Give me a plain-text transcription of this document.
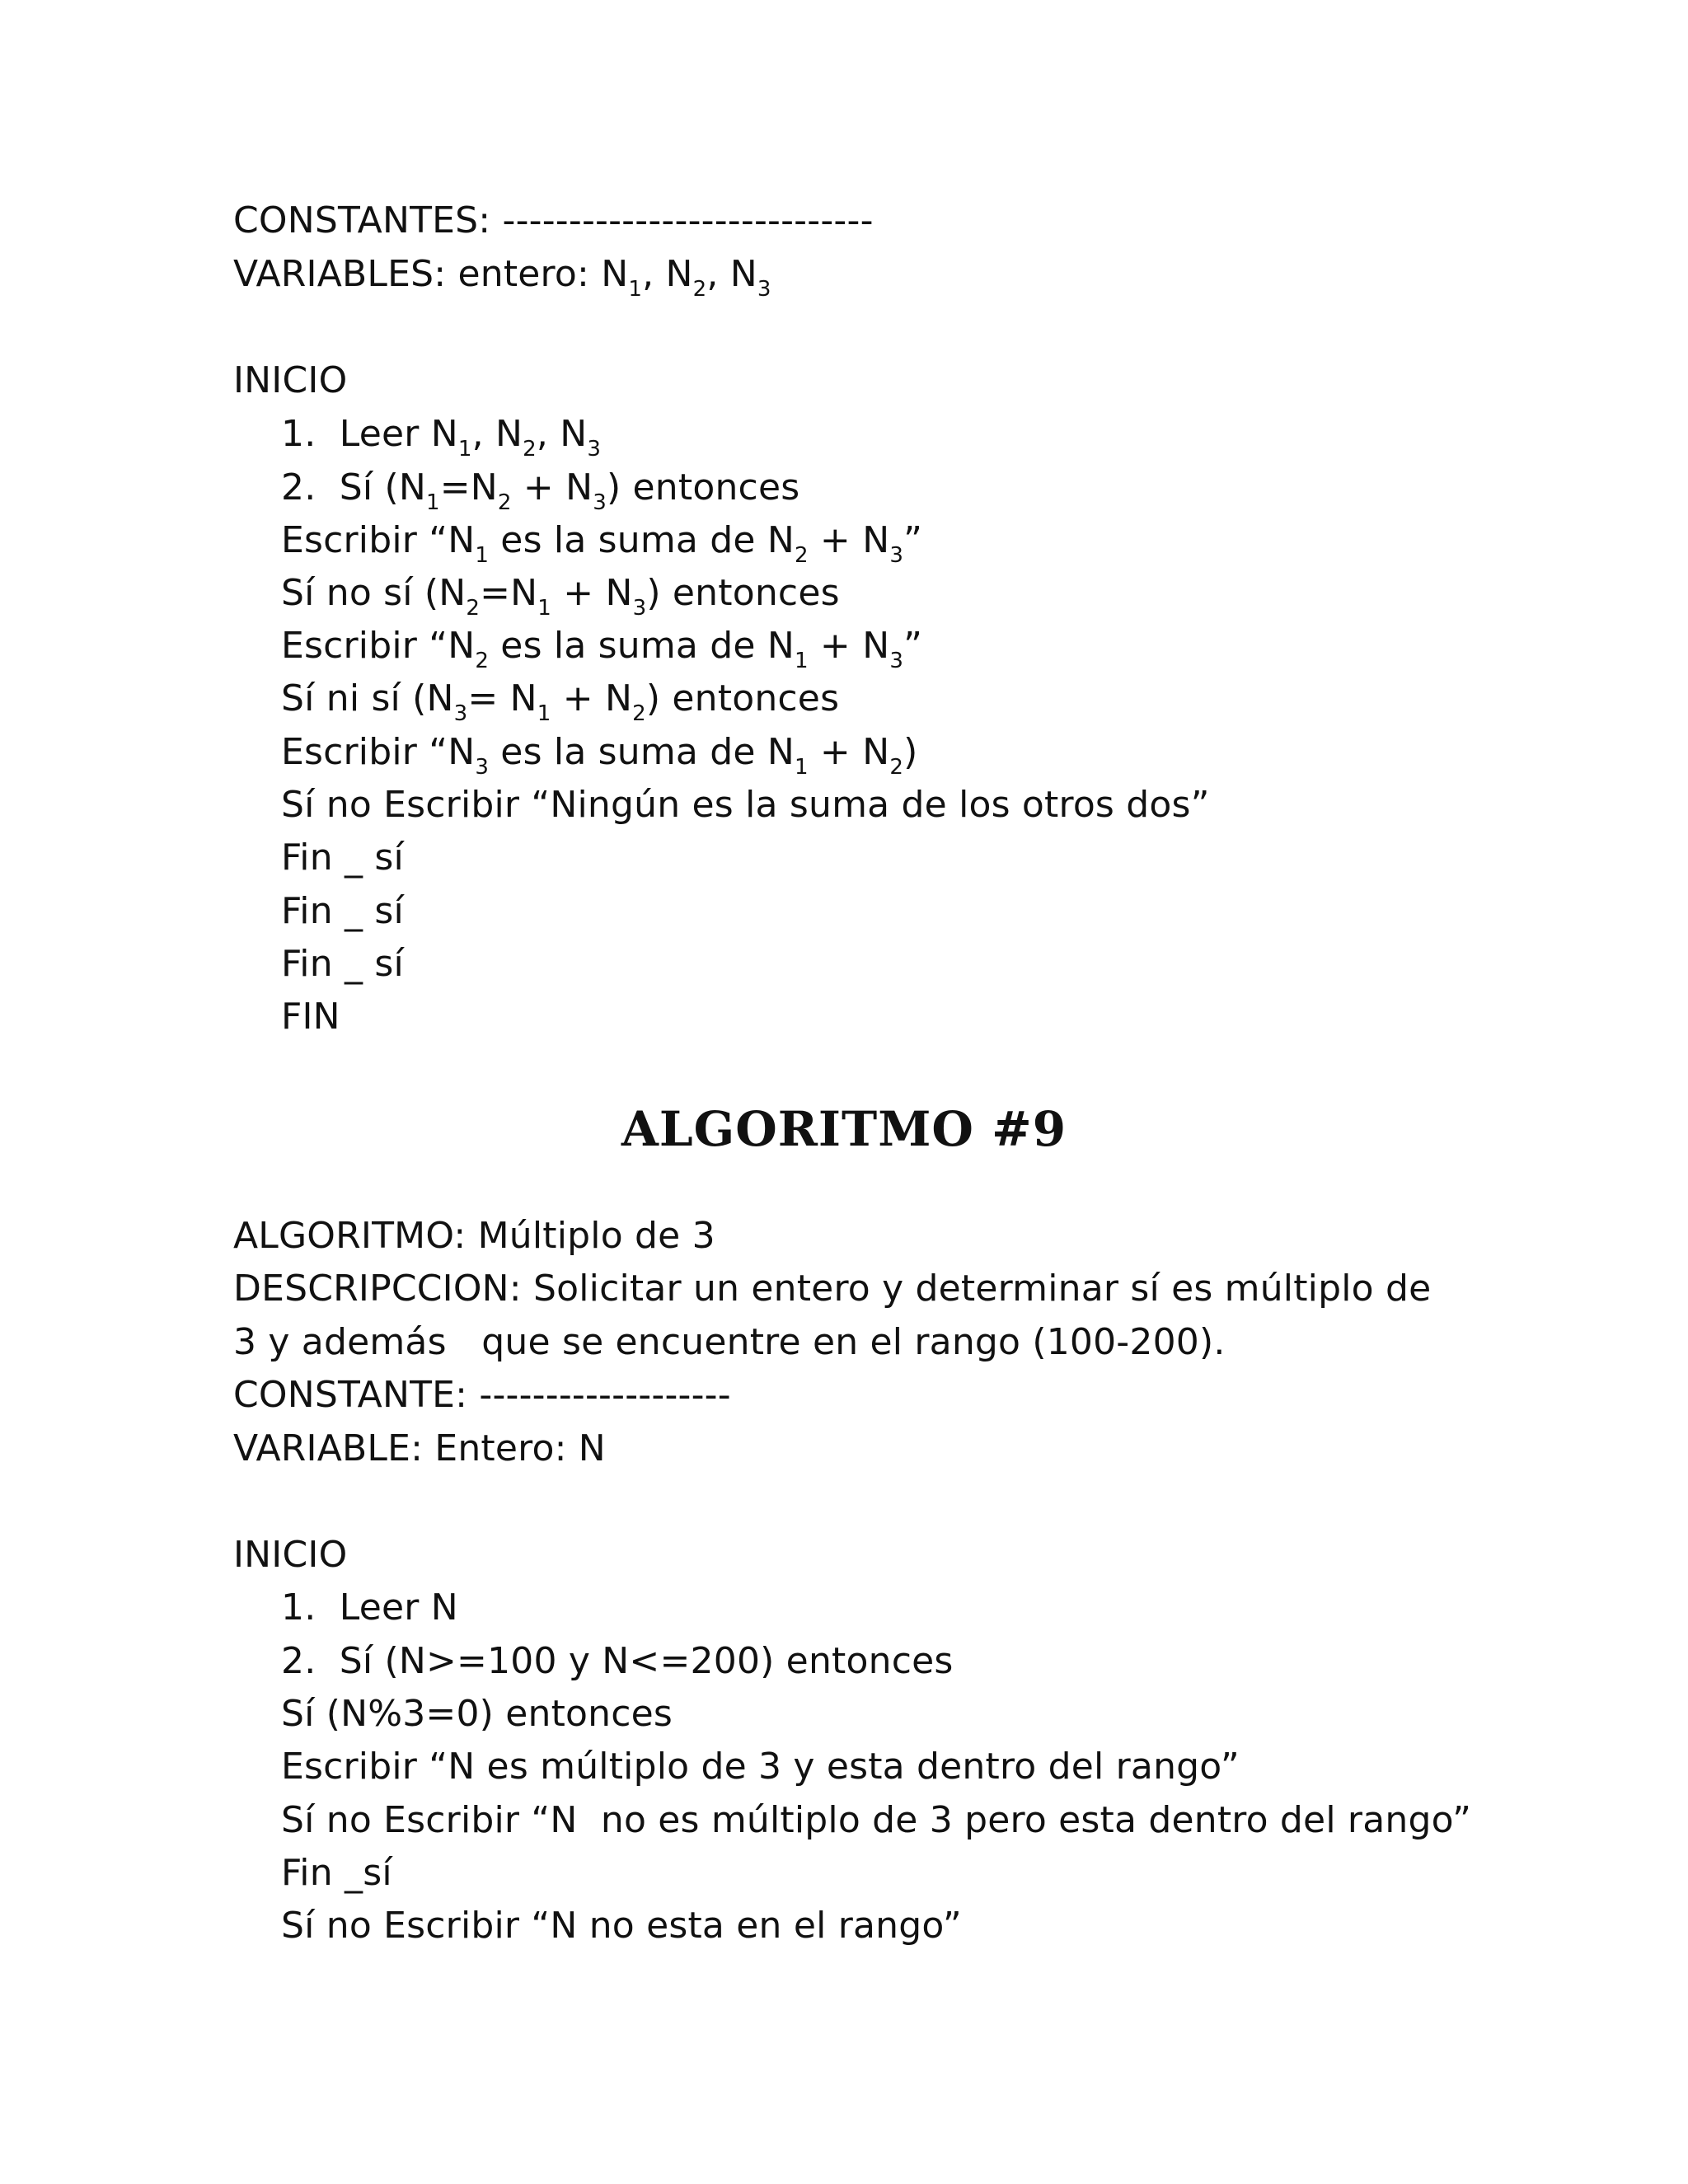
CONSTANTES: ----------------------------
VARIABLES: entero: $N_1$, $N_2$, $N_3$
INICIO
1.  Leer $N_1$, $N_2$, $N_3$
2.  Sí $(N_1=N_2 + N_3)$ entonces
Escribir “$N_1$ es la suma de $N_2 + N_3$”
Sí no sí $(N_2=N_1 + N_3)$ entonces
Escribir “$N_2$ es la suma de $N_1 + N_3$”
Sí ni sí $(N_3= N_1 + N_2)$ entonces
Escribir “$N_3$ es la suma de $N_1 + N_2$)
Sí no Escribir “Ningún es la suma de los otros dos”
Fin _ sí
Fin _ sí
Fin _ sí
FIN
ALGORITMO #9
ALGORITMO: Múltiplo de 3
DESCRIPCCION: Solicitar un entero y determinar sí es múltiplo de
3 y además   que se encuentre en el rango (100-200).
CONSTANTE: -------------------
VARIABLE: Entero: N
INICIO
1.  Leer N
2.  Sí (N>=100 y N<=200) entonces
Sí (N%3=0) entonces
Escribir “N es múltiplo de 3 y esta dentro del rango”
Sí no Escribir “N  no es múltiplo de 3 pero esta dentro del rango”
Fin _sí
Sí no Escribir “N no esta en el rango”
